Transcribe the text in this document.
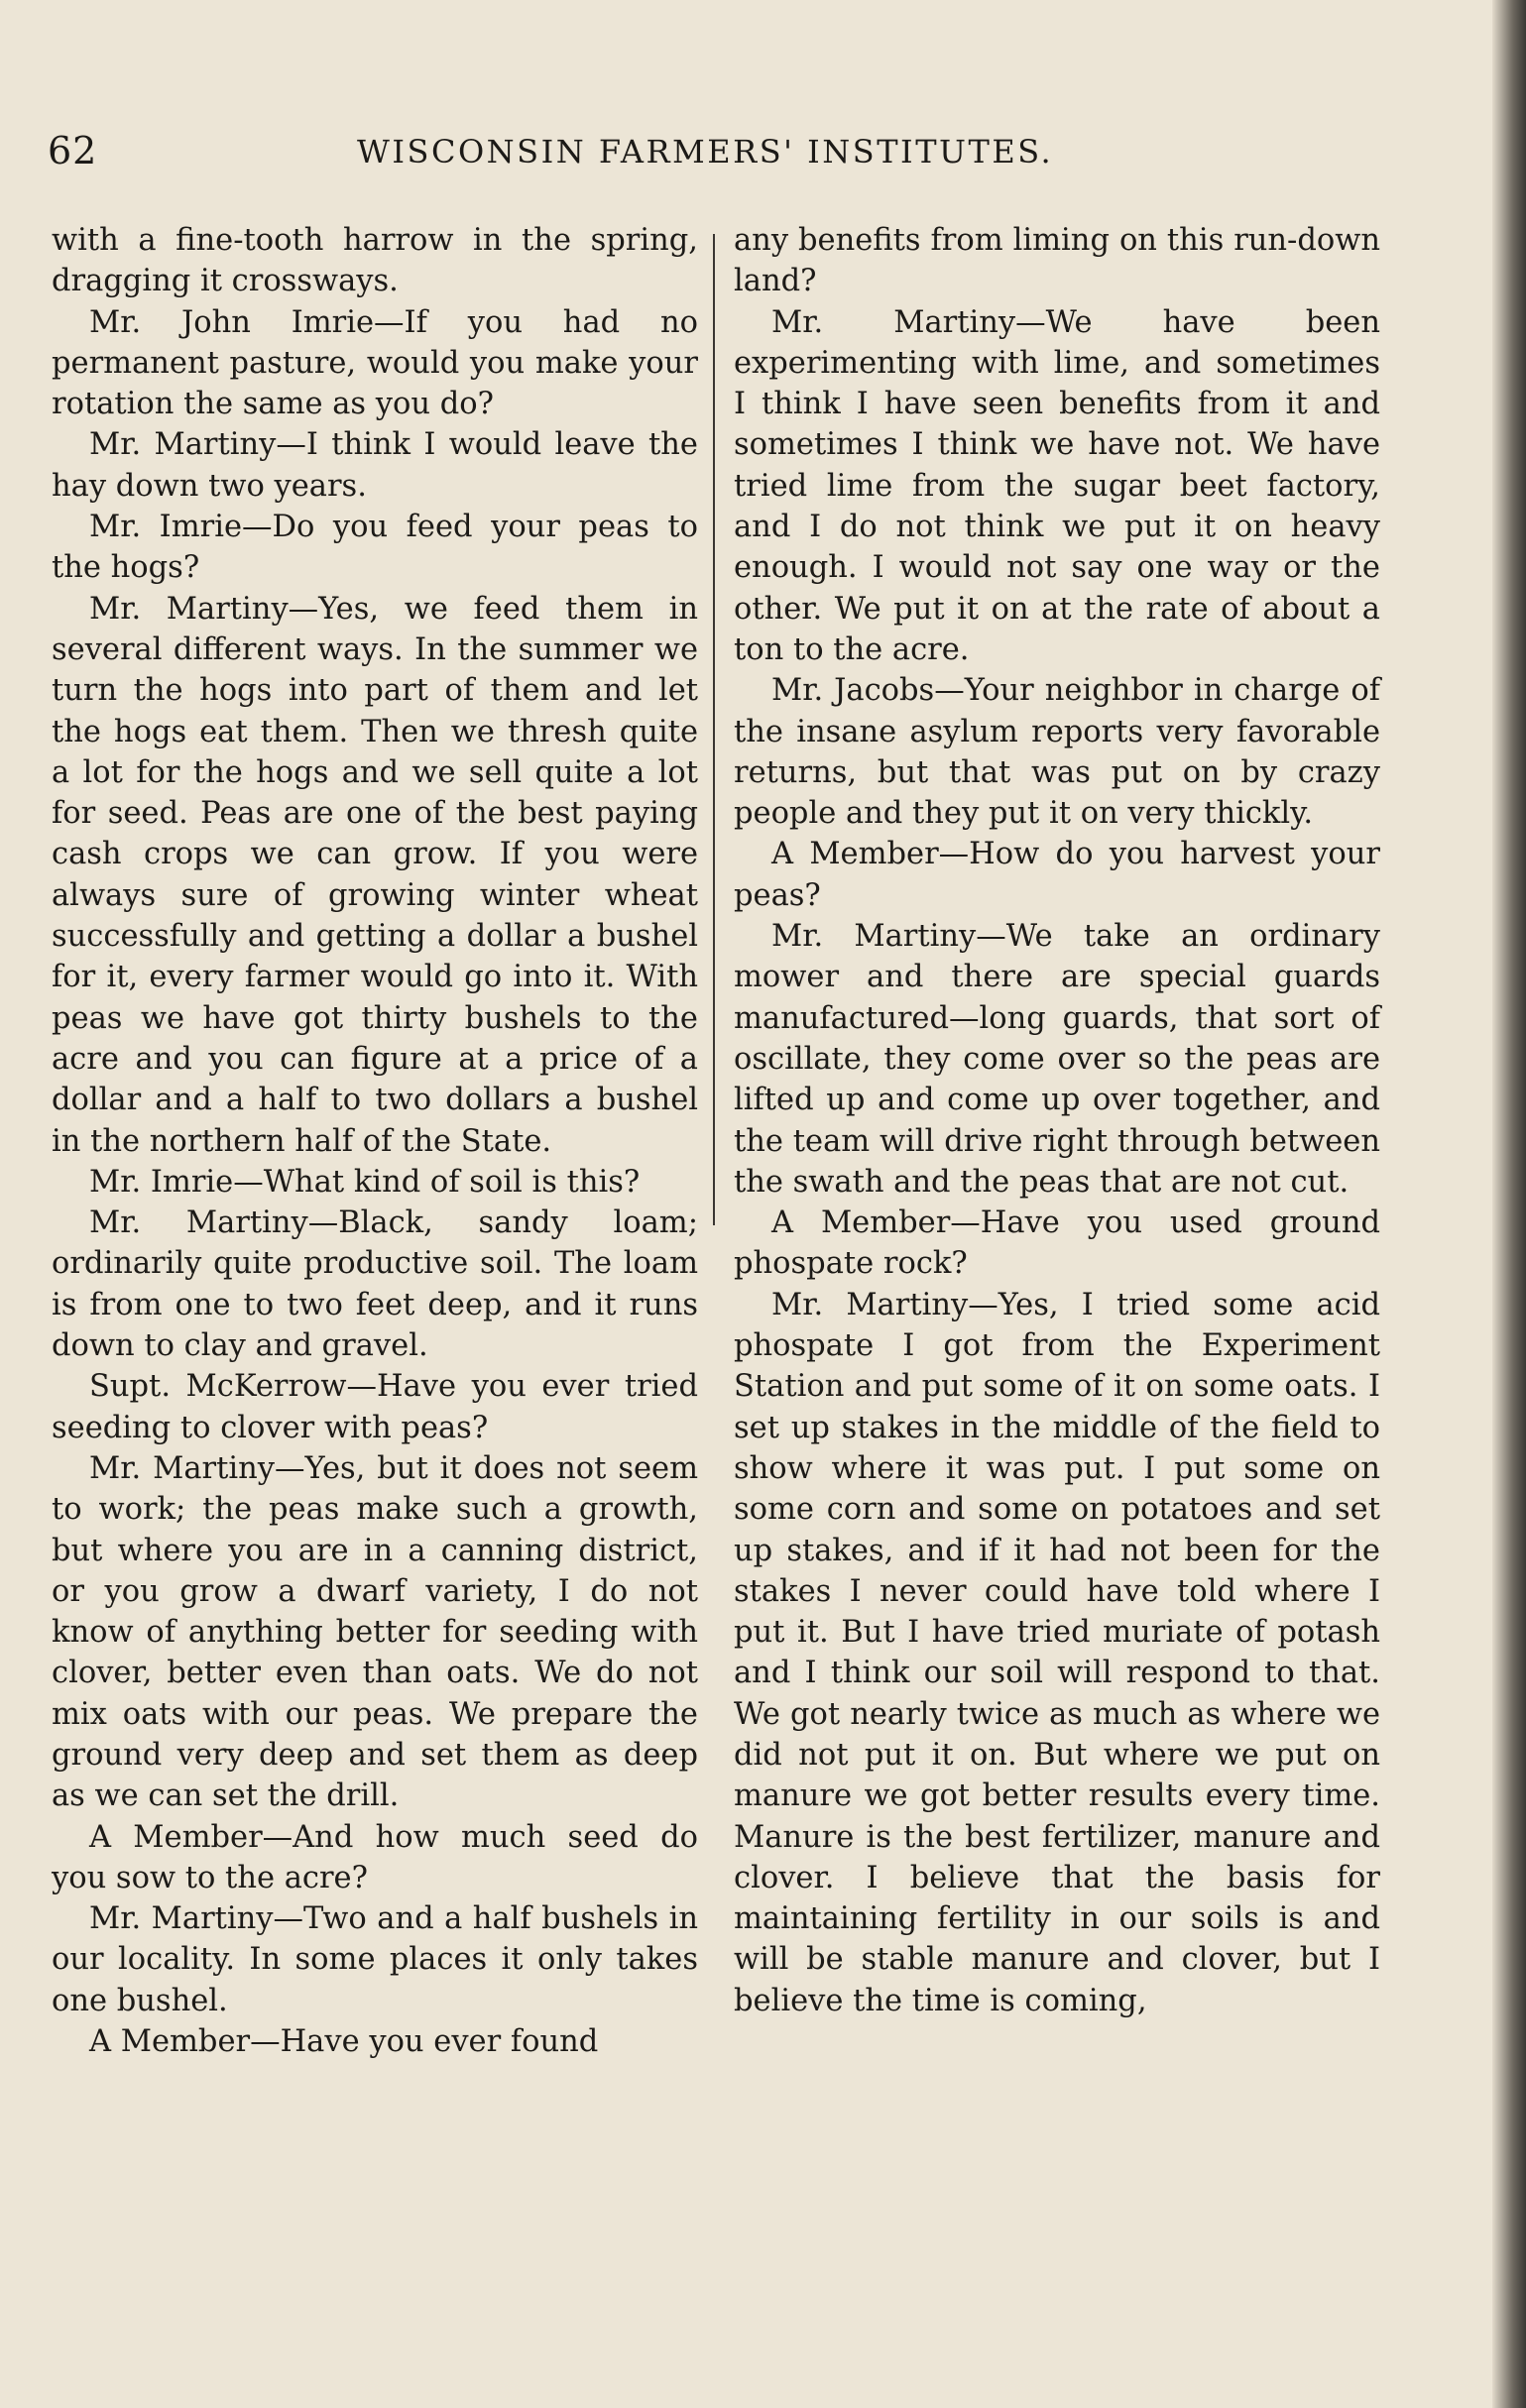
62	WISCONSIN FARMERS' INSTITUTES.

with a fine-tooth harrow in the spring, dragging it crossways.

Mr. John Imrie—If you had no permanent pasture, would you make your rotation the same as you do?

Mr. Martiny—I think I would leave the hay down two years.

Mr. Imrie—Do you feed your peas to the hogs?

Mr. Martiny—Yes, we feed them in several different ways. In the summer we turn the hogs into part of them and let the hogs eat them. Then we thresh quite a lot for the hogs and we sell quite a lot for seed. Peas are one of the best paying cash crops we can grow. If you were always sure of growing winter wheat successfully and getting a dollar a bushel for it, every farmer would go into it. With peas we have got thirty bushels to the acre and you can figure at a price of a dollar and a half to two dollars a bushel in the northern half of the State.

Mr. Imrie—What kind of soil is this?

Mr. Martiny—Black, sandy loam; ordinarily quite productive soil. The loam is from one to two feet deep, and it runs down to clay and gravel.

Supt. McKerrow—Have you ever tried seeding to clover with peas?

Mr. Martiny—Yes, but it does not seem to work; the peas make such a growth, but where you are in a canning district, or you grow a dwarf variety, I do not know of anything better for seeding with clover, better even than oats. We do not mix oats with our peas. We prepare the ground very deep and set them as deep as we can set the drill.

A Member—And how much seed do you sow to the acre?

Mr. Martiny—Two and a half bushels in our locality. In some places it only takes one bushel.

A Member—Have you ever found

any benefits from liming on this run-down land?

Mr. Martiny—We have been experimenting with lime, and sometimes I think I have seen benefits from it and sometimes I think we have not. We have tried lime from the sugar beet factory, and I do not think we put it on heavy enough. I would not say one way or the other. We put it on at the rate of about a ton to the acre.

Mr. Jacobs—Your neighbor in charge of the insane asylum reports very favorable returns, but that was put on by crazy people and they put it on very thickly.

A Member—How do you harvest your peas?

Mr. Martiny—We take an ordinary mower and there are special guards manufactured—long guards, that sort of oscillate, they come over so the peas are lifted up and come up over together, and the team will drive right through between the swath and the peas that are not cut.

A Member—Have you used ground phospate rock?

Mr. Martiny—Yes, I tried some acid phospate I got from the Experiment Station and put some of it on some oats. I set up stakes in the middle of the field to show where it was put. I put some on some corn and some on potatoes and set up stakes, and if it had not been for the stakes I never could have told where I put it. But I have tried muriate of potash and I think our soil will respond to that. We got nearly twice as much as where we did not put it on. But where we put on manure we got better results every time. Manure is the best fertilizer, manure and clover. I believe that the basis for maintaining fertility in our soils is and will be stable manure and clover, but I believe the time is coming,
